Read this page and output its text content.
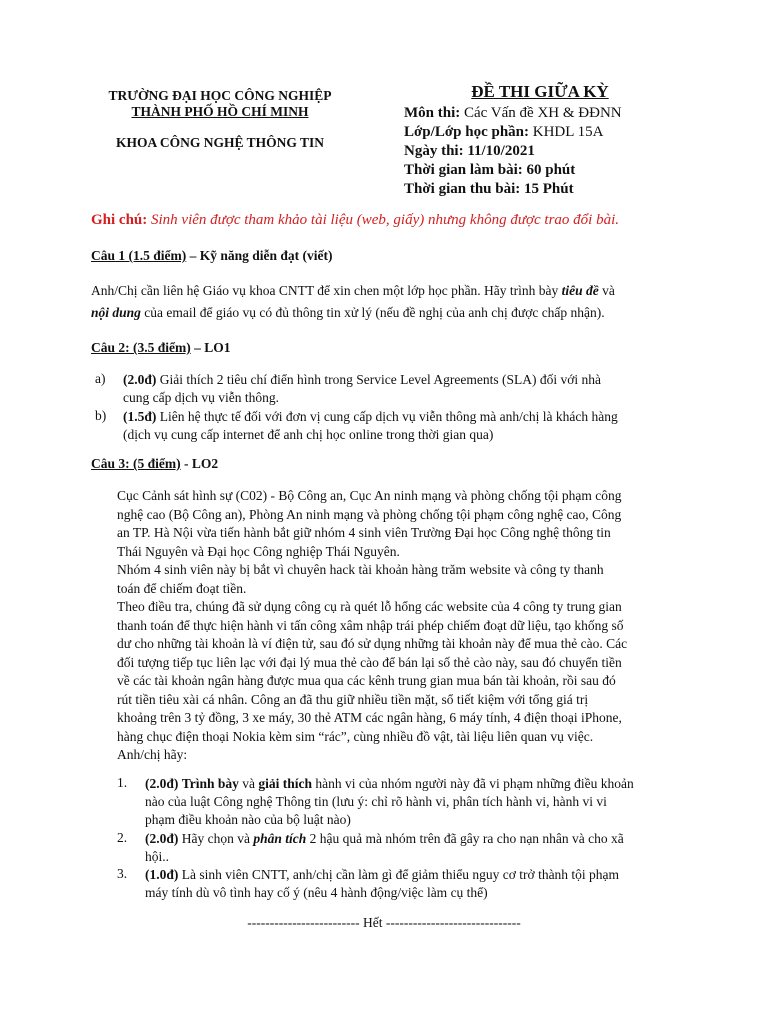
TRƯỜNG ĐẠI HỌC CÔNG NGHIỆP
THÀNH PHỐ HỒ CHÍ MINH
KHOA CÔNG NGHỆ THÔNG TIN
ĐỀ THI GIỮA KỲ
Môn thi: Các Vấn đề XH & ĐĐNN
Lớp/Lớp học phần: KHDL 15A
Ngày thi: 11/10/2021
Thời gian làm bài: 60 phút
Thời gian thu bài: 15 Phút
Ghi chú: Sinh viên được tham khảo tài liệu (web, giấy) nhưng không được trao đổi bài.
Câu 1 (1.5 điểm) – Kỹ năng diễn đạt (viết)
Anh/Chị cần liên hệ Giáo vụ khoa CNTT để xin chen một lớp học phần. Hãy trình bày tiêu đề và
nội dung của email để giáo vụ có đủ thông tin xử lý (nếu đề nghị của anh chị được chấp nhận).
Câu 2: (3.5 điểm) – LO1
a)	(2.0đ) Giải thích 2 tiêu chí điển hình trong Service Level Agreements (SLA) đối với nhà
cung cấp dịch vụ viễn thông.
b)	(1.5đ) Liên hệ thực tế đối với đơn vị cung cấp dịch vụ viễn thông mà anh/chị là khách hàng
(dịch vụ cung cấp internet để anh chị học online trong thời gian qua)
Câu 3: (5 điểm) - LO2
Cục Cảnh sát hình sự (C02) - Bộ Công an, Cục An ninh mạng và phòng chống tội phạm công
nghệ cao (Bộ Công an), Phòng An ninh mạng và phòng chống tội phạm công nghệ cao, Công
an TP. Hà Nội vừa tiến hành bắt giữ nhóm 4 sinh viên Trường Đại học Công nghệ thông tin
Thái Nguyên và Đại học Công nghiệp Thái Nguyên.
Nhóm 4 sinh viên này bị bắt vì chuyên hack tài khoản hàng trăm website và công ty thanh
toán để chiếm đoạt tiền.
Theo điều tra, chúng đã sử dụng công cụ rà quét lỗ hổng các website của 4 công ty trung gian
thanh toán để thực hiện hành vi tấn công xâm nhập trái phép chiếm đoạt dữ liệu, tạo khống số
dư cho những tài khoản là ví điện tử, sau đó sử dụng những tài khoản này để mua thẻ cào. Các
đối tượng tiếp tục liên lạc với đại lý mua thẻ cào để bán lại số thẻ cào này, sau đó chuyển tiền
về các tài khoản ngân hàng được mua qua các kênh trung gian mua bán tài khoản, rồi sau đó
rút tiền tiêu xài cá nhân. Công an đã thu giữ nhiều tiền mặt, sổ tiết kiệm với tổng giá trị
khoảng trên 3 tỷ đồng, 3 xe máy, 30 thẻ ATM các ngân hàng, 6 máy tính, 4 điện thoại iPhone,
hàng chục điện thoại Nokia kèm sim “rác”, cùng nhiều đồ vật, tài liệu liên quan vụ việc.
Anh/chị hãy:
1.	(2.0đ) Trình bày và giải thích hành vi của nhóm người này đã vi phạm những điều khoản
nào của luật Công nghệ Thông tin (lưu ý: chỉ rõ hành vi, phân tích hành vi, hành vi vi
phạm điều khoản nào của bộ luật nào)
2.	(2.0đ) Hãy chọn và phân tích 2 hậu quả mà nhóm trên đã gây ra cho nạn nhân và cho xã
hội..
3.	(1.0đ) Là sinh viên CNTT, anh/chị cần làm gì để giảm thiểu nguy cơ trở thành tội phạm
máy tính dù vô tình hay cố ý (nêu 4 hành động/việc làm cụ thể)
------------------------- Hết ------------------------------
